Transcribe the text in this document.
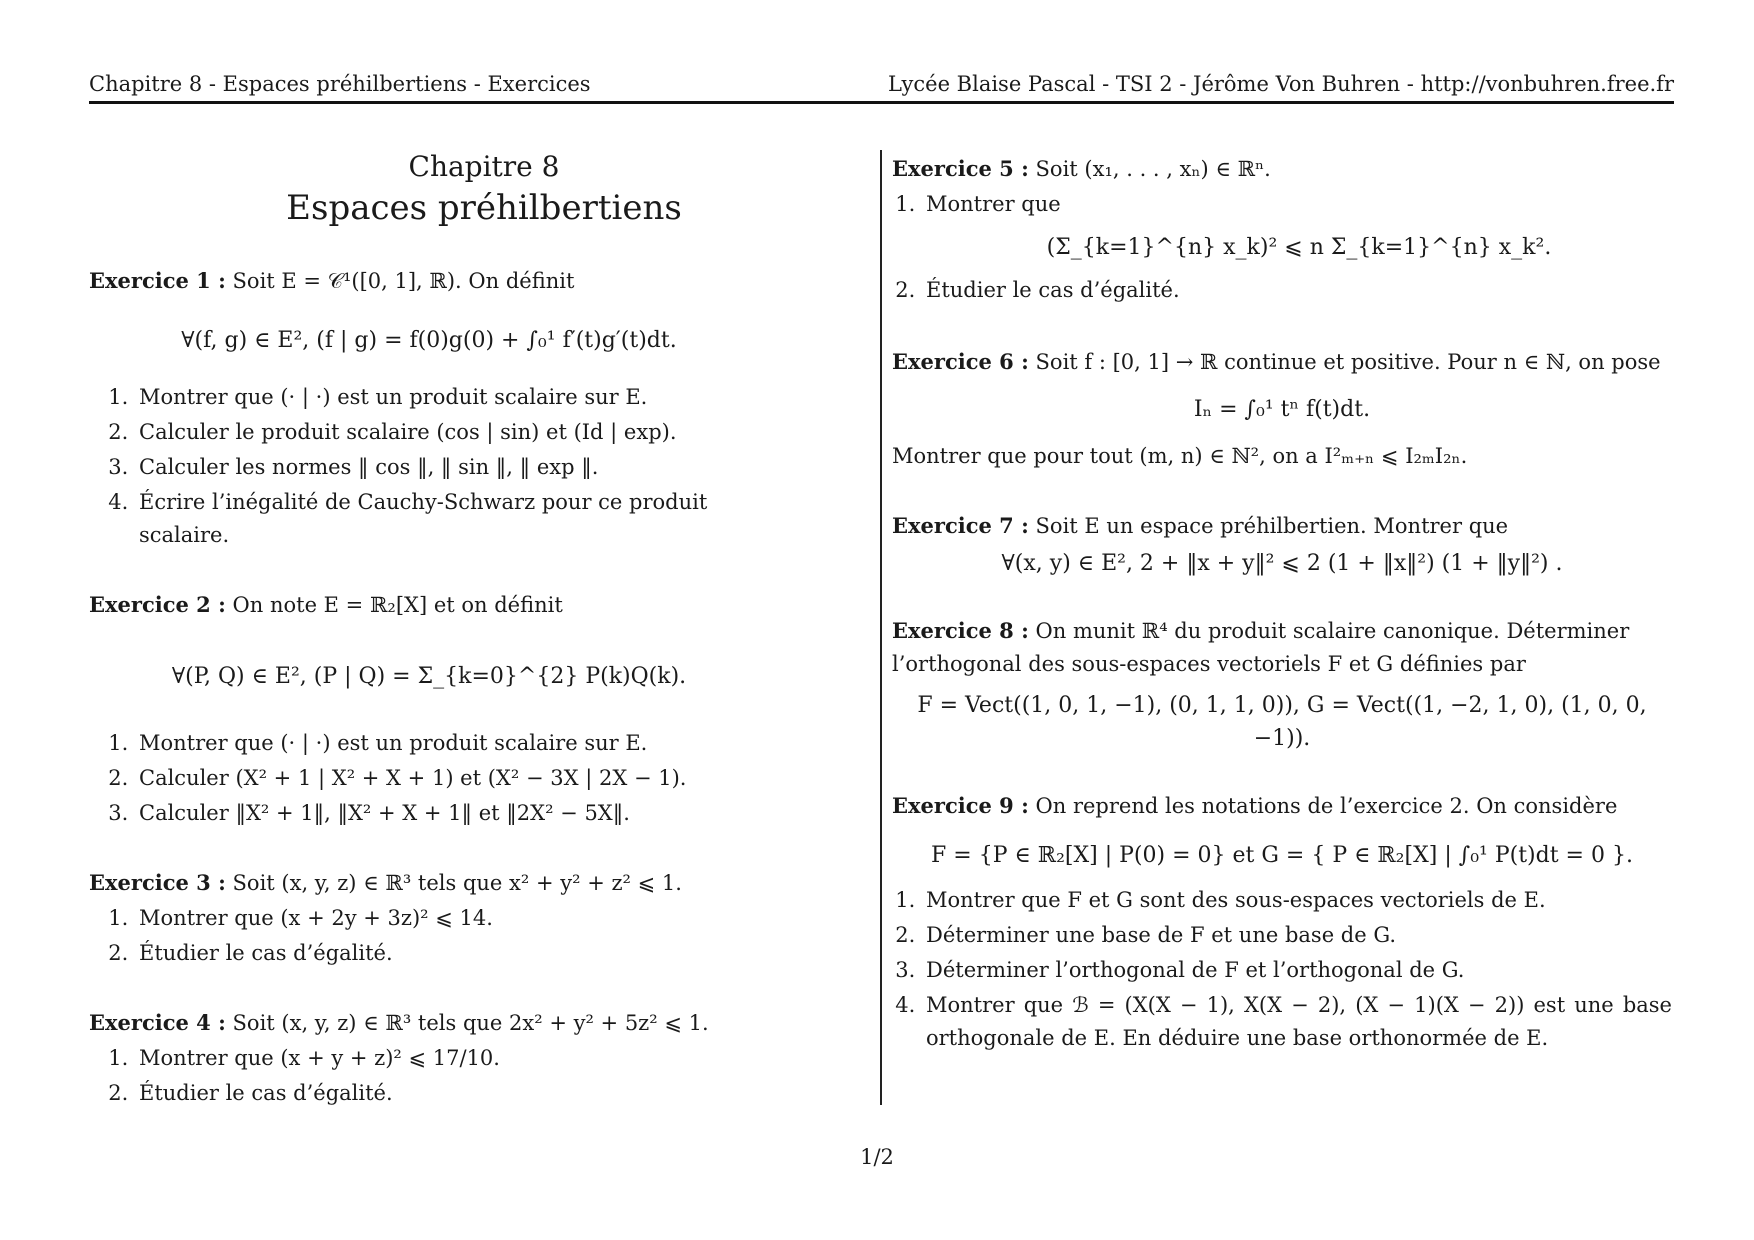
Chapitre 8 - Espaces préhilbertiens - Exercices	Lycée Blaise Pascal - TSI 2 - Jérôme Von Buhren - http://vonbuhren.free.fr
Chapitre 8
Espaces préhilbertiens
Exercice 1 : Soit E = 𝒞¹([0, 1], ℝ). On définit
∀(f, g) ∈ E², (f | g) = f(0)g(0) + ∫₀¹ f′(t)g′(t)dt.
1. Montrer que (· | ·) est un produit scalaire sur E.
2. Calculer le produit scalaire (cos | sin) et (Id | exp).
3. Calculer les normes ‖ cos ‖, ‖ sin ‖, ‖ exp ‖.
4. Écrire l’inégalité de Cauchy-Schwarz pour ce produit scalaire.
Exercice 2 : On note E = ℝ₂[X] et on définit
∀(P, Q) ∈ E², (P | Q) = Σ_{k=0}^{2} P(k)Q(k).
1. Montrer que (· | ·) est un produit scalaire sur E.
2. Calculer (X² + 1 | X² + X + 1) et (X² − 3X | 2X − 1).
3. Calculer ‖X² + 1‖, ‖X² + X + 1‖ et ‖2X² − 5X‖.
Exercice 3 : Soit (x, y, z) ∈ ℝ³ tels que x² + y² + z² ⩽ 1.
1. Montrer que (x + 2y + 3z)² ⩽ 14.
2. Étudier le cas d’égalité.
Exercice 4 : Soit (x, y, z) ∈ ℝ³ tels que 2x² + y² + 5z² ⩽ 1.
1. Montrer que (x + y + z)² ⩽ 17/10.
2. Étudier le cas d’égalité.
Exercice 5 : Soit (x₁, . . . , xₙ) ∈ ℝⁿ.
1. Montrer que
(Σ_{k=1}^{n} x_k)² ⩽ n Σ_{k=1}^{n} x_k².
2. Étudier le cas d’égalité.
Exercice 6 : Soit f : [0, 1] → ℝ continue et positive. Pour n ∈ ℕ, on pose
Iₙ = ∫₀¹ tⁿ f(t)dt.
Montrer que pour tout (m, n) ∈ ℕ², on a I²ₘ₊ₙ ⩽ I₂ₘI₂ₙ.
Exercice 7 : Soit E un espace préhilbertien. Montrer que
∀(x, y) ∈ E², 2 + ‖x + y‖² ⩽ 2 (1 + ‖x‖²) (1 + ‖y‖²) .
Exercice 8 : On munit ℝ⁴ du produit scalaire canonique. Déterminer l’orthogonal des sous-espaces vectoriels F et G définies par
F = Vect((1, 0, 1, −1), (0, 1, 1, 0)), G = Vect((1, −2, 1, 0), (1, 0, 0, −1)).
Exercice 9 : On reprend les notations de l’exercice 2. On considère
F = {P ∈ ℝ₂[X] | P(0) = 0} et G = { P ∈ ℝ₂[X] | ∫₀¹ P(t)dt = 0 }.
1. Montrer que F et G sont des sous-espaces vectoriels de E.
2. Déterminer une base de F et une base de G.
3. Déterminer l’orthogonal de F et l’orthogonal de G.
4. Montrer que ℬ = (X(X − 1), X(X − 2), (X − 1)(X − 2)) est une base orthogonale de E. En déduire une base orthonormée de E.
1/2
